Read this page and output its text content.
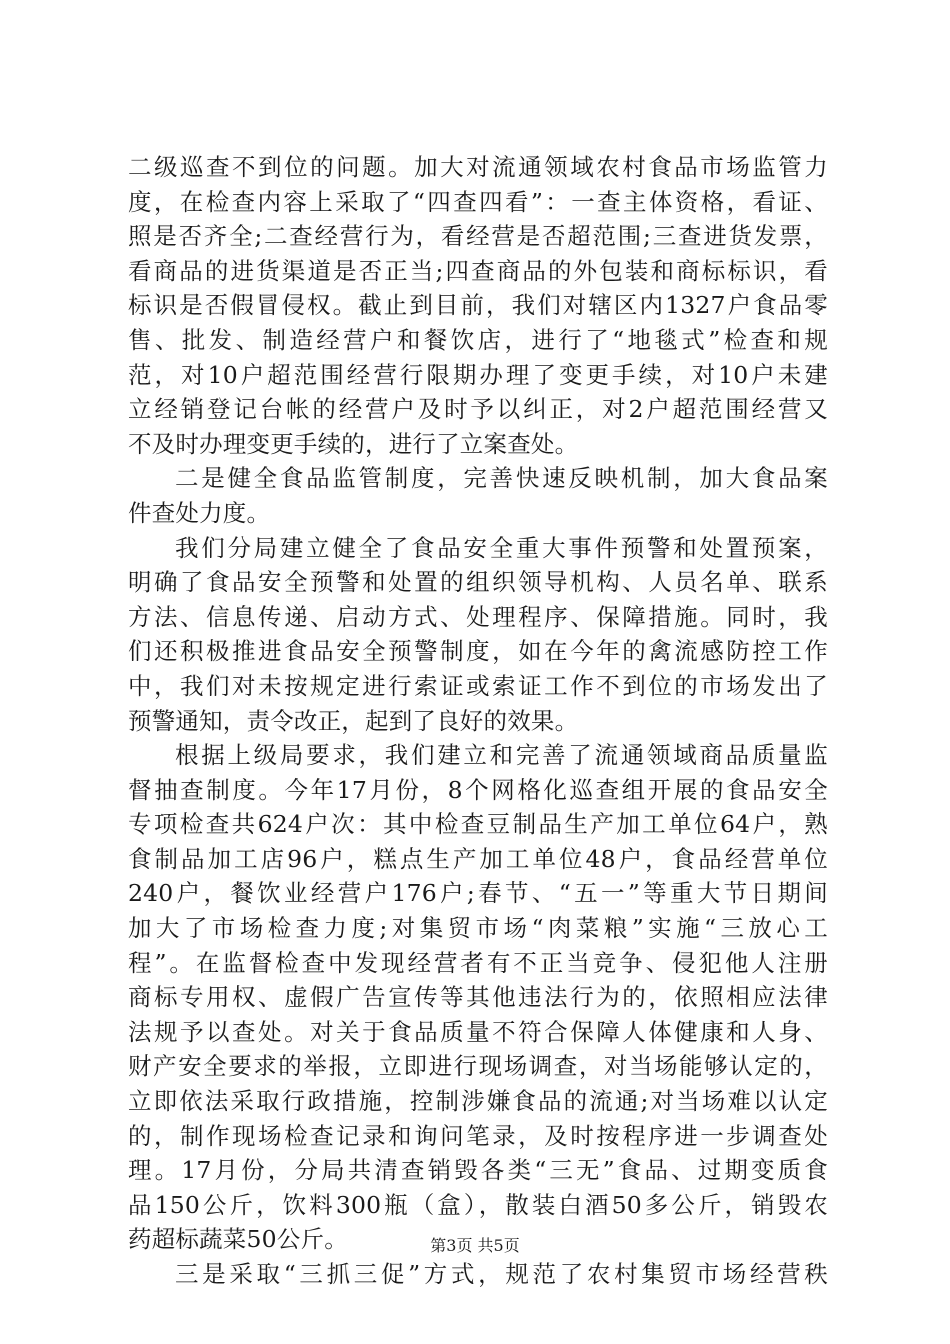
二级巡查不到位的问题。加大对流通领域农村食品市场监管力
度，在检查内容上采取了“四查四看”：一查主体资格，看证、
照是否齐全;二查经营行为，看经营是否超范围;三查进货发票，
看商品的进货渠道是否正当;四查商品的外包装和商标标识，看
标识是否假冒侵权。截止到目前，我们对辖区内1327户食品零
售、批发、制造经营户和餐饮店，进行了“地毯式”检查和规
范，对10户超范围经营行限期办理了变更手续，对10户未建
立经销登记台帐的经营户及时予以纠正，对2户超范围经营又
不及时办理变更手续的，进行了立案查处。
二是健全食品监管制度，完善快速反映机制，加大食品案
件查处力度。
我们分局建立健全了食品安全重大事件预警和处置预案，
明确了食品安全预警和处置的组织领导机构、人员名单、联系
方法、信息传递、启动方式、处理程序、保障措施。同时，我
们还积极推进食品安全预警制度，如在今年的禽流感防控工作
中，我们对未按规定进行索证或索证工作不到位的市场发出了
预警通知，责令改正，起到了良好的效果。
根据上级局要求，我们建立和完善了流通领域商品质量监
督抽查制度。今年17月份，8个网格化巡查组开展的食品安全
专项检查共624户次：其中检查豆制品生产加工单位64户，熟
食制品加工店96户，糕点生产加工单位48户，食品经营单位
240户，餐饮业经营户176户;春节、“五一”等重大节日期间
加大了市场检查力度;对集贸市场“肉菜粮”实施“三放心工
程”。在监督检查中发现经营者有不正当竞争、侵犯他人注册
商标专用权、虚假广告宣传等其他违法行为的，依照相应法律
法规予以查处。对关于食品质量不符合保障人体健康和人身、
财产安全要求的举报，立即进行现场调查，对当场能够认定的，
立即依法采取行政措施，控制涉嫌食品的流通;对当场难以认定
的，制作现场检查记录和询问笔录，及时按程序进一步调查处
理。17月份，分局共清查销毁各类“三无”食品、过期变质食
品150公斤，饮料300瓶（盒），散装白酒50多公斤，销毁农
药超标蔬菜50公斤。
三是采取“三抓三促”方式，规范了农村集贸市场经营秩
第3页 共5页
